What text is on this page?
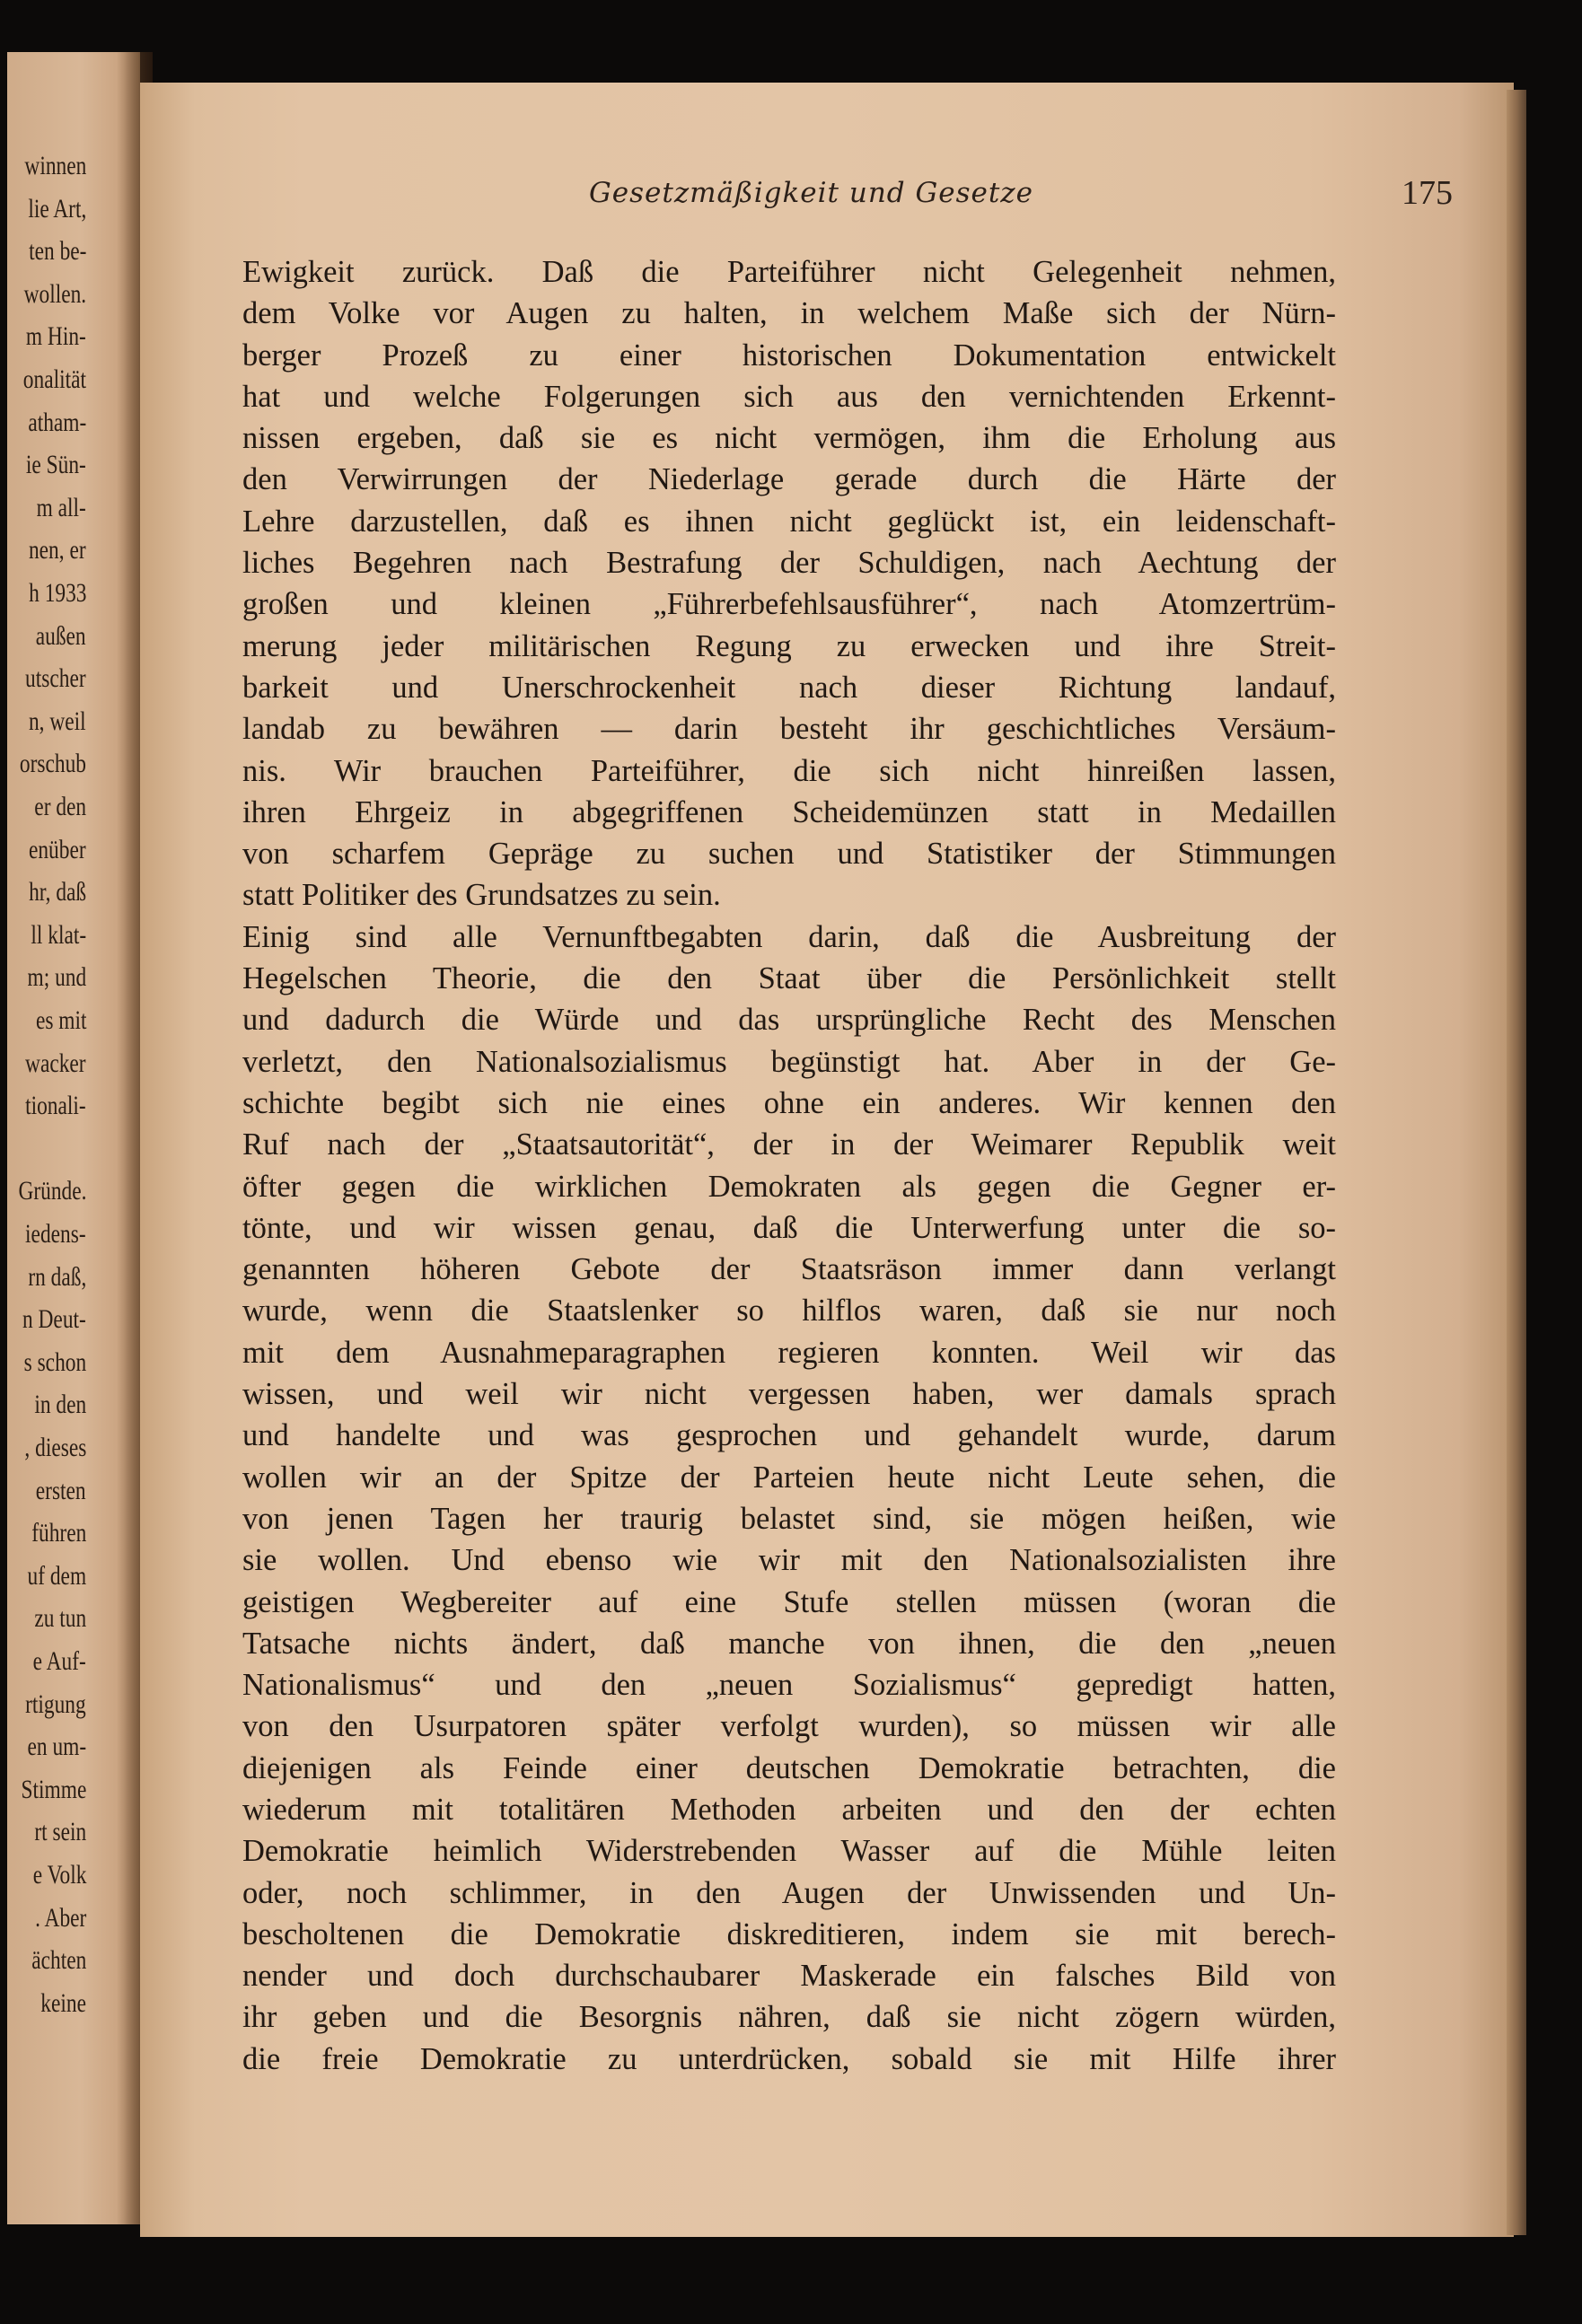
winnen
lie Art,
ten be-
wollen.
m Hin-
onalität
atham-
ie Sün-
m all-
nen, er
h 1933
außen
utscher
n, weil
orschub
er den
enüber
hr, daß
ll klat-
m; und
es mit
wacker
tionali-
Gründe.
iedens-
rn daß,
n Deut-
s schon
in den
, dieses
ersten
führen
uf dem
zu tun
e Auf-
rtigung
en um-
Stimme
rt sein
e Volk
. Aber
ächten
keine
Gesetzmäßigkeit und Gesetze	175
Ewigkeit zurück. Daß die Parteiführer nicht Gelegenheit nehmen,
dem Volke vor Augen zu halten, in welchem Maße sich der Nürn-
berger Prozeß zu einer historischen Dokumentation entwickelt
hat und welche Folgerungen sich aus den vernichtenden Erkennt-
nissen ergeben, daß sie es nicht vermögen, ihm die Erholung aus
den Verwirrungen der Niederlage gerade durch die Härte der
Lehre darzustellen, daß es ihnen nicht geglückt ist, ein leidenschaft-
liches Begehren nach Bestrafung der Schuldigen, nach Aechtung der
großen und kleinen „Führerbefehlsausführer“, nach Atomzertrüm-
merung jeder militärischen Regung zu erwecken und ihre Streit-
barkeit und Unerschrockenheit nach dieser Richtung landauf,
landab zu bewähren — darin besteht ihr geschichtliches Versäum-
nis. Wir brauchen Parteiführer, die sich nicht hinreißen lassen,
ihren Ehrgeiz in abgegriffenen Scheidemünzen statt in Medaillen
von scharfem Gepräge zu suchen und Statistiker der Stimmungen
statt Politiker des Grundsatzes zu sein.
Einig sind alle Vernunftbegabten darin, daß die Ausbreitung der
Hegelschen Theorie, die den Staat über die Persönlichkeit stellt
und dadurch die Würde und das ursprüngliche Recht des Menschen
verletzt, den Nationalsozialismus begünstigt hat. Aber in der Ge-
schichte begibt sich nie eines ohne ein anderes. Wir kennen den
Ruf nach der „Staatsautorität“, der in der Weimarer Republik weit
öfter gegen die wirklichen Demokraten als gegen die Gegner er-
tönte, und wir wissen genau, daß die Unterwerfung unter die so-
genannten höheren Gebote der Staatsräson immer dann verlangt
wurde, wenn die Staatslenker so hilflos waren, daß sie nur noch
mit dem Ausnahmeparagraphen regieren konnten. Weil wir das
wissen, und weil wir nicht vergessen haben, wer damals sprach
und handelte und was gesprochen und gehandelt wurde, darum
wollen wir an der Spitze der Parteien heute nicht Leute sehen, die
von jenen Tagen her traurig belastet sind, sie mögen heißen, wie
sie wollen. Und ebenso wie wir mit den Nationalsozialisten ihre
geistigen Wegbereiter auf eine Stufe stellen müssen (woran die
Tatsache nichts ändert, daß manche von ihnen, die den „neuen
Nationalismus“ und den „neuen Sozialismus“ gepredigt hatten,
von den Usurpatoren später verfolgt wurden), so müssen wir alle
diejenigen als Feinde einer deutschen Demokratie betrachten, die
wiederum mit totalitären Methoden arbeiten und den der echten
Demokratie heimlich Widerstrebenden Wasser auf die Mühle leiten
oder, noch schlimmer, in den Augen der Unwissenden und Un-
bescholtenen die Demokratie diskreditieren, indem sie mit berech-
nender und doch durchschaubarer Maskerade ein falsches Bild von
ihr geben und die Besorgnis nähren, daß sie nicht zögern würden,
die freie Demokratie zu unterdrücken, sobald sie mit Hilfe ihrer
